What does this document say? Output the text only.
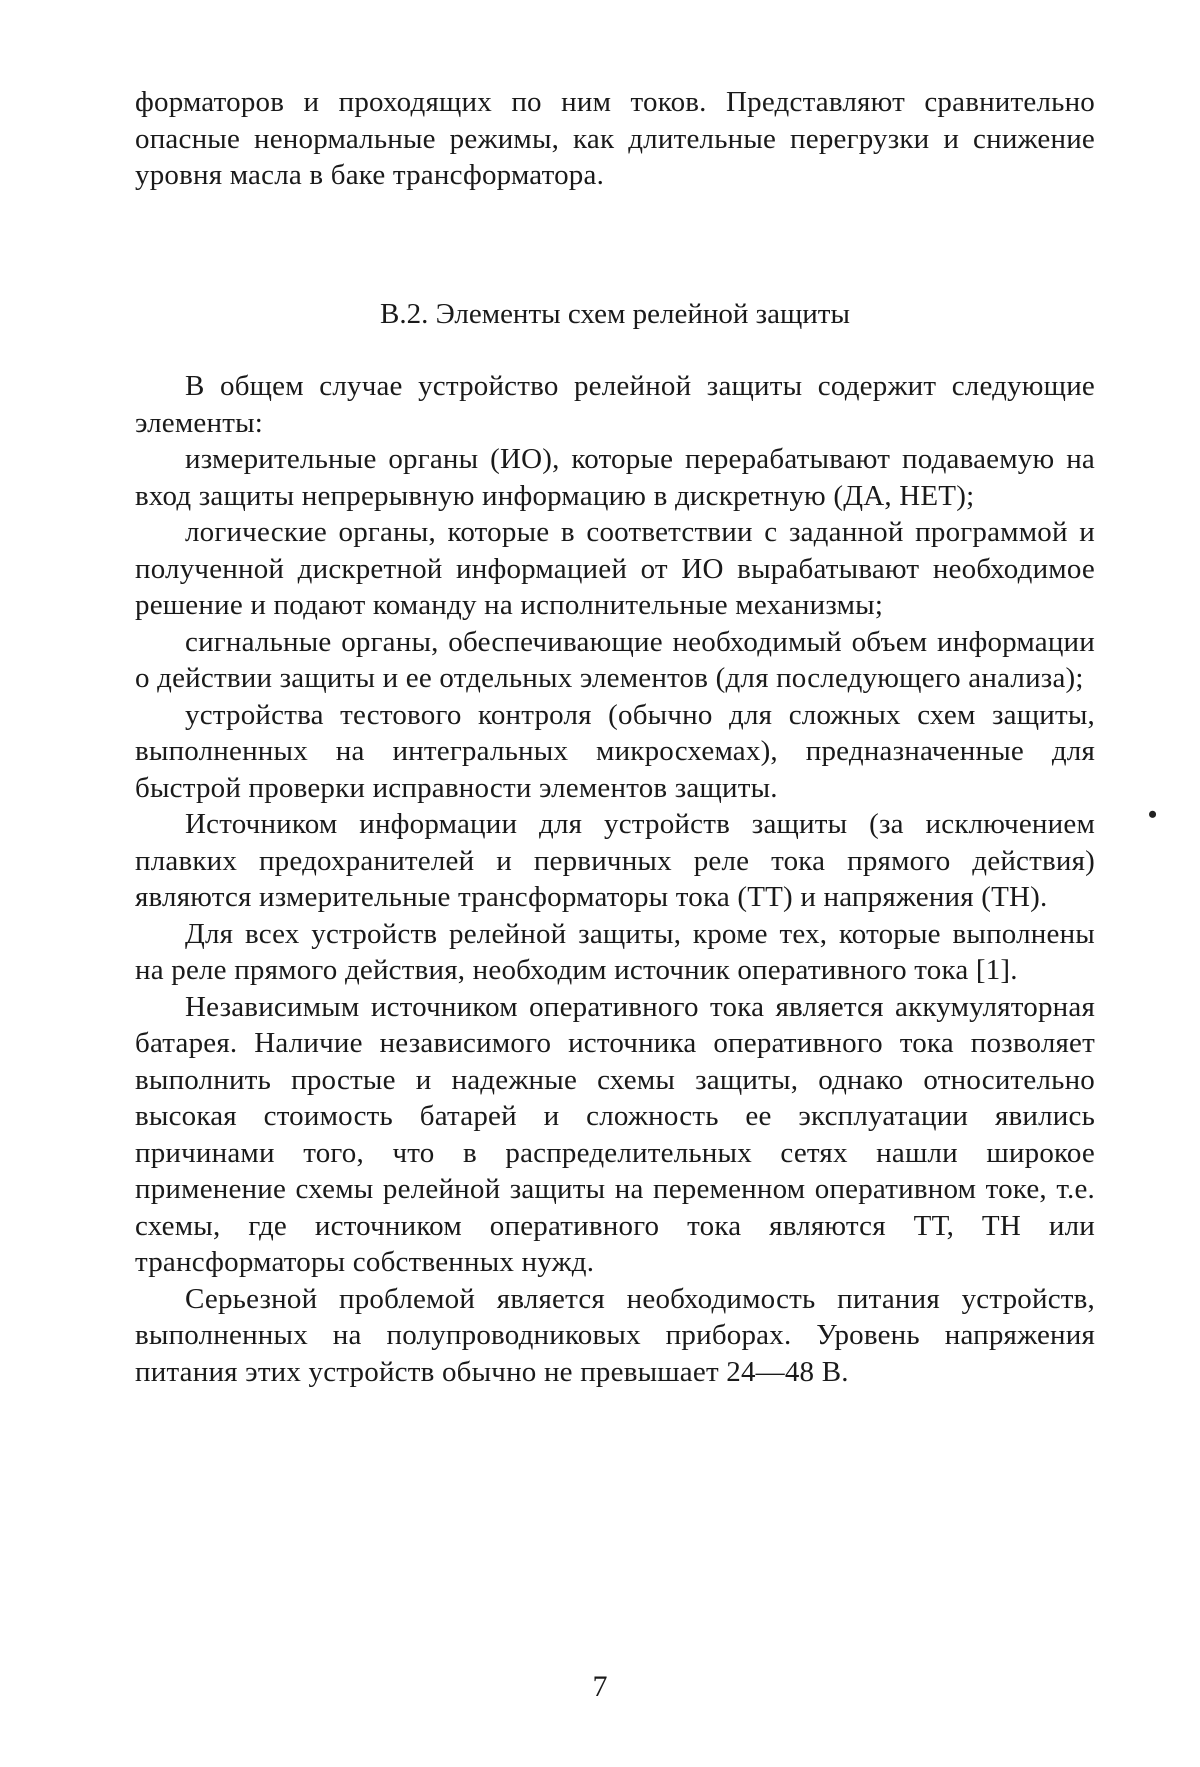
форматоров и проходящих по ним токов. Представляют сравнительно опасные ненормальные режимы, как длительные перегрузки и снижение уровня масла в баке трансформатора.

В.2. Элементы схем релейной защиты

В общем случае устройство релейной защиты содержит следующие элементы:

измерительные органы (ИО), которые перерабатывают подаваемую на вход защиты непрерывную информацию в дискретную (ДА, НЕТ);

логические органы, которые в соответствии с заданной программой и полученной дискретной информацией от ИО вырабатывают необходимое решение и подают команду на исполнительные механизмы;

сигнальные органы, обеспечивающие необходимый объем информации о действии защиты и ее отдельных элементов (для последующего анализа);

устройства тестового контроля (обычно для сложных схем защиты, выполненных на интегральных микросхемах), предназначенные для быстрой проверки исправности элементов защиты.

Источником информации для устройств защиты (за исключением плавких предохранителей и первичных реле тока прямого действия) являются измерительные трансформаторы тока (ТТ) и напряжения (ТН).

Для всех устройств релейной защиты, кроме тех, которые выполнены на реле прямого действия, необходим источник оперативного тока [1].

Независимым источником оперативного тока является аккумуляторная батарея. Наличие независимого источника оперативного тока позволяет выполнить простые и надежные схемы защиты, однако относительно высокая стоимость батарей и сложность ее эксплуатации явились причинами того, что в распределительных сетях нашли широкое применение схемы релейной защиты на переменном оперативном токе, т.е. схемы, где источником оперативного тока являются ТТ, ТН или трансформаторы собственных нужд.

Серьезной проблемой является необходимость питания устройств, выполненных на полупроводниковых приборах. Уровень напряжения питания этих устройств обычно не превышает 24—48 В.

•
7
